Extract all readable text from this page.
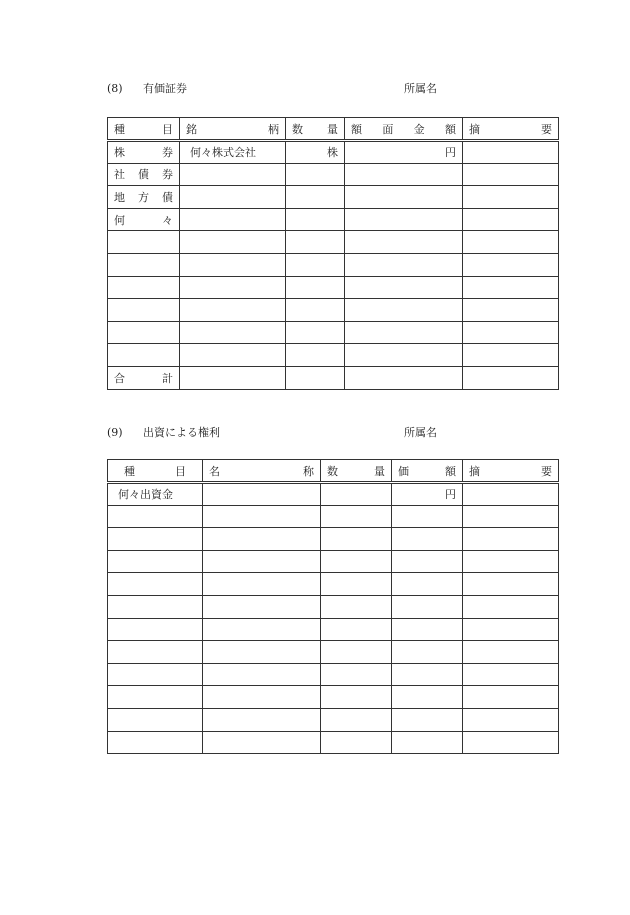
(8) 有価証券	所属名
種 目	銘 柄	数 量	額 面 金 額	摘 要

株 券	何々株式会社	株	円	

社 債 券				

地 方 債				

何 々				

合 計				

(9) 出資による権利	所属名
種 目	名 称	数 量	価 額	摘 要

何々出資金			円	
